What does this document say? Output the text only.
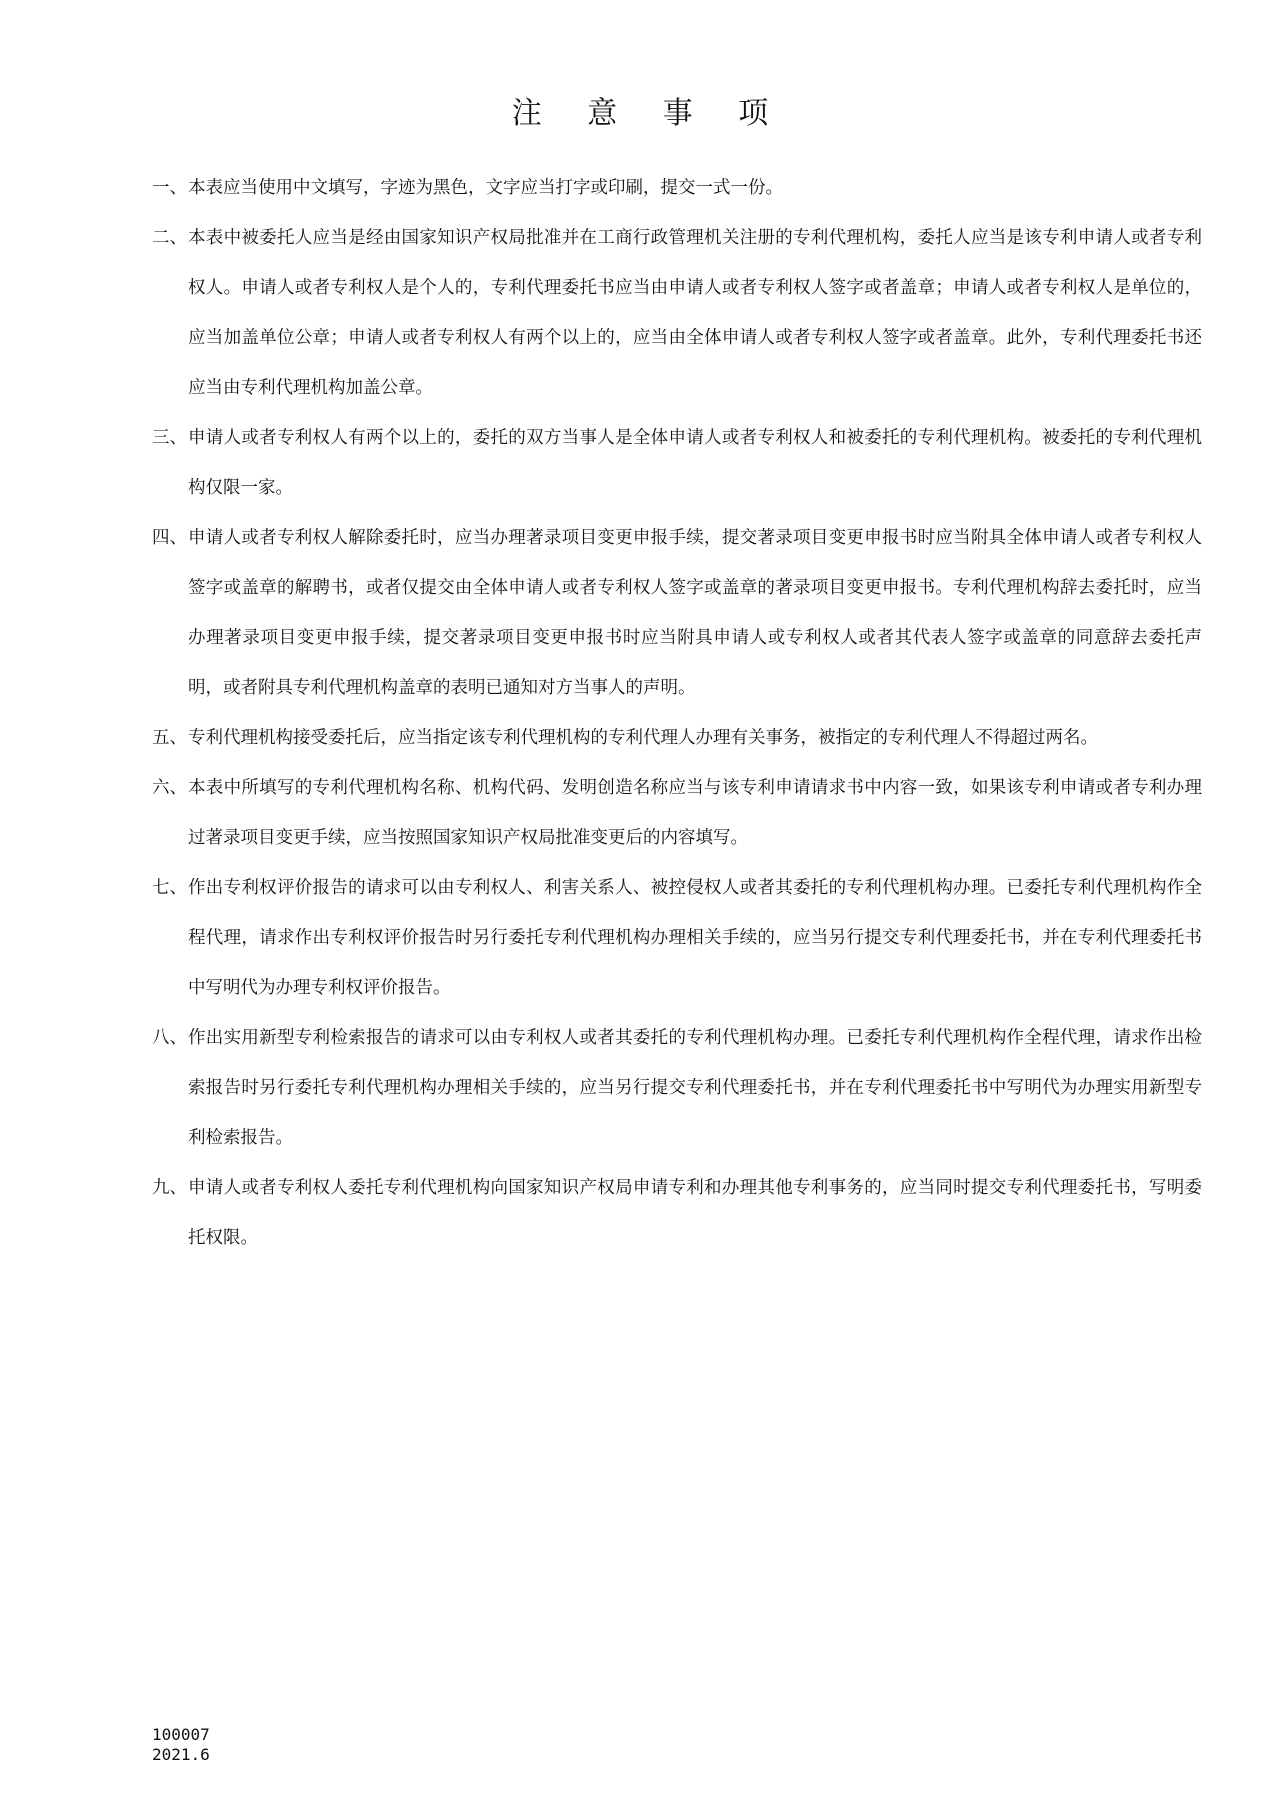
注 意 事 项
一、 本表应当使用中文填写，字迹为黑色，文字应当打字或印刷，提交一式一份。
二、 本表中被委托人应当是经由国家知识产权局批准并在工商行政管理机关注册的专利代理机构，委托人应当是该专利申请人或者专利权人。申请人或者专利权人是个人的，专利代理委托书应当由申请人或者专利权人签字或者盖章；申请人或者专利权人是单位的，应当加盖单位公章；申请人或者专利权人有两个以上的，应当由全体申请人或者专利权人签字或者盖章。此外，专利代理委托书还应当由专利代理机构加盖公章。
三、 申请人或者专利权人有两个以上的，委托的双方当事人是全体申请人或者专利权人和被委托的专利代理机构。被委托的专利代理机构仅限一家。
四、 申请人或者专利权人解除委托时，应当办理著录项目变更申报手续，提交著录项目变更申报书时应当附具全体申请人或者专利权人签字或盖章的解聘书，或者仅提交由全体申请人或者专利权人签字或盖章的著录项目变更申报书。专利代理机构辞去委托时，应当办理著录项目变更申报手续，提交著录项目变更申报书时应当附具申请人或专利权人或者其代表人签字或盖章的同意辞去委托声明，或者附具专利代理机构盖章的表明已通知对方当事人的声明。
五、 专利代理机构接受委托后，应当指定该专利代理机构的专利代理人办理有关事务，被指定的专利代理人不得超过两名。
六、 本表中所填写的专利代理机构名称、机构代码、发明创造名称应当与该专利申请请求书中内容一致，如果该专利申请或者专利办理过著录项目变更手续，应当按照国家知识产权局批准变更后的内容填写。
七、 作出专利权评价报告的请求可以由专利权人、利害关系人、被控侵权人或者其委托的专利代理机构办理。已委托专利代理机构作全程代理，请求作出专利权评价报告时另行委托专利代理机构办理相关手续的，应当另行提交专利代理委托书，并在专利代理委托书中写明代为办理专利权评价报告。
八、 作出实用新型专利检索报告的请求可以由专利权人或者其委托的专利代理机构办理。已委托专利代理机构作全程代理，请求作出检索报告时另行委托专利代理机构办理相关手续的，应当另行提交专利代理委托书，并在专利代理委托书中写明代为办理实用新型专利检索报告。
九、 申请人或者专利权人委托专利代理机构向国家知识产权局申请专利和办理其他专利事务的，应当同时提交专利代理委托书，写明委托权限。
100007
2021.6
